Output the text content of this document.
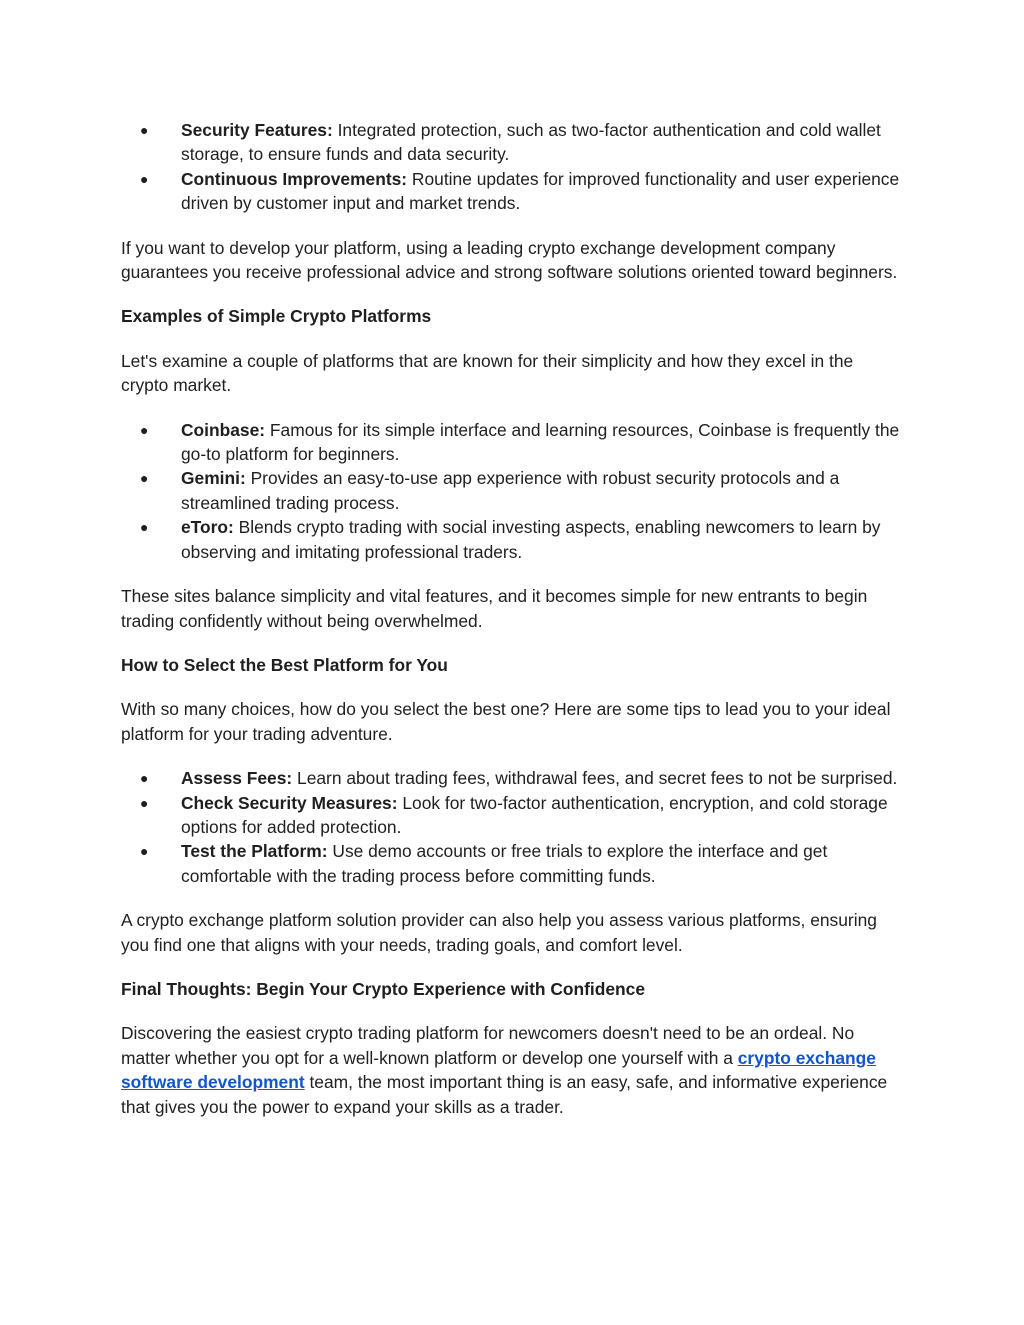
● Security Features: Integrated protection, such as two-factor authentication and cold wallet storage, to ensure funds and data security.
● Continuous Improvements: Routine updates for improved functionality and user experience driven by customer input and market trends.

If you want to develop your platform, using a leading crypto exchange development company guarantees you receive professional advice and strong software solutions oriented toward beginners.

Examples of Simple Crypto Platforms

Let's examine a couple of platforms that are known for their simplicity and how they excel in the crypto market.

● Coinbase: Famous for its simple interface and learning resources, Coinbase is frequently the go-to platform for beginners.
● Gemini: Provides an easy-to-use app experience with robust security protocols and a streamlined trading process.
● eToro: Blends crypto trading with social investing aspects, enabling newcomers to learn by observing and imitating professional traders.

These sites balance simplicity and vital features, and it becomes simple for new entrants to begin trading confidently without being overwhelmed.

How to Select the Best Platform for You

With so many choices, how do you select the best one? Here are some tips to lead you to your ideal platform for your trading adventure.

● Assess Fees: Learn about trading fees, withdrawal fees, and secret fees to not be surprised.
● Check Security Measures: Look for two-factor authentication, encryption, and cold storage options for added protection.
● Test the Platform: Use demo accounts or free trials to explore the interface and get comfortable with the trading process before committing funds.

A crypto exchange platform solution provider can also help you assess various platforms, ensuring you find one that aligns with your needs, trading goals, and comfort level.

Final Thoughts: Begin Your Crypto Experience with Confidence

Discovering the easiest crypto trading platform for newcomers doesn't need to be an ordeal. No matter whether you opt for a well-known platform or develop one yourself with a crypto exchange software development team, the most important thing is an easy, safe, and informative experience that gives you the power to expand your skills as a trader.
